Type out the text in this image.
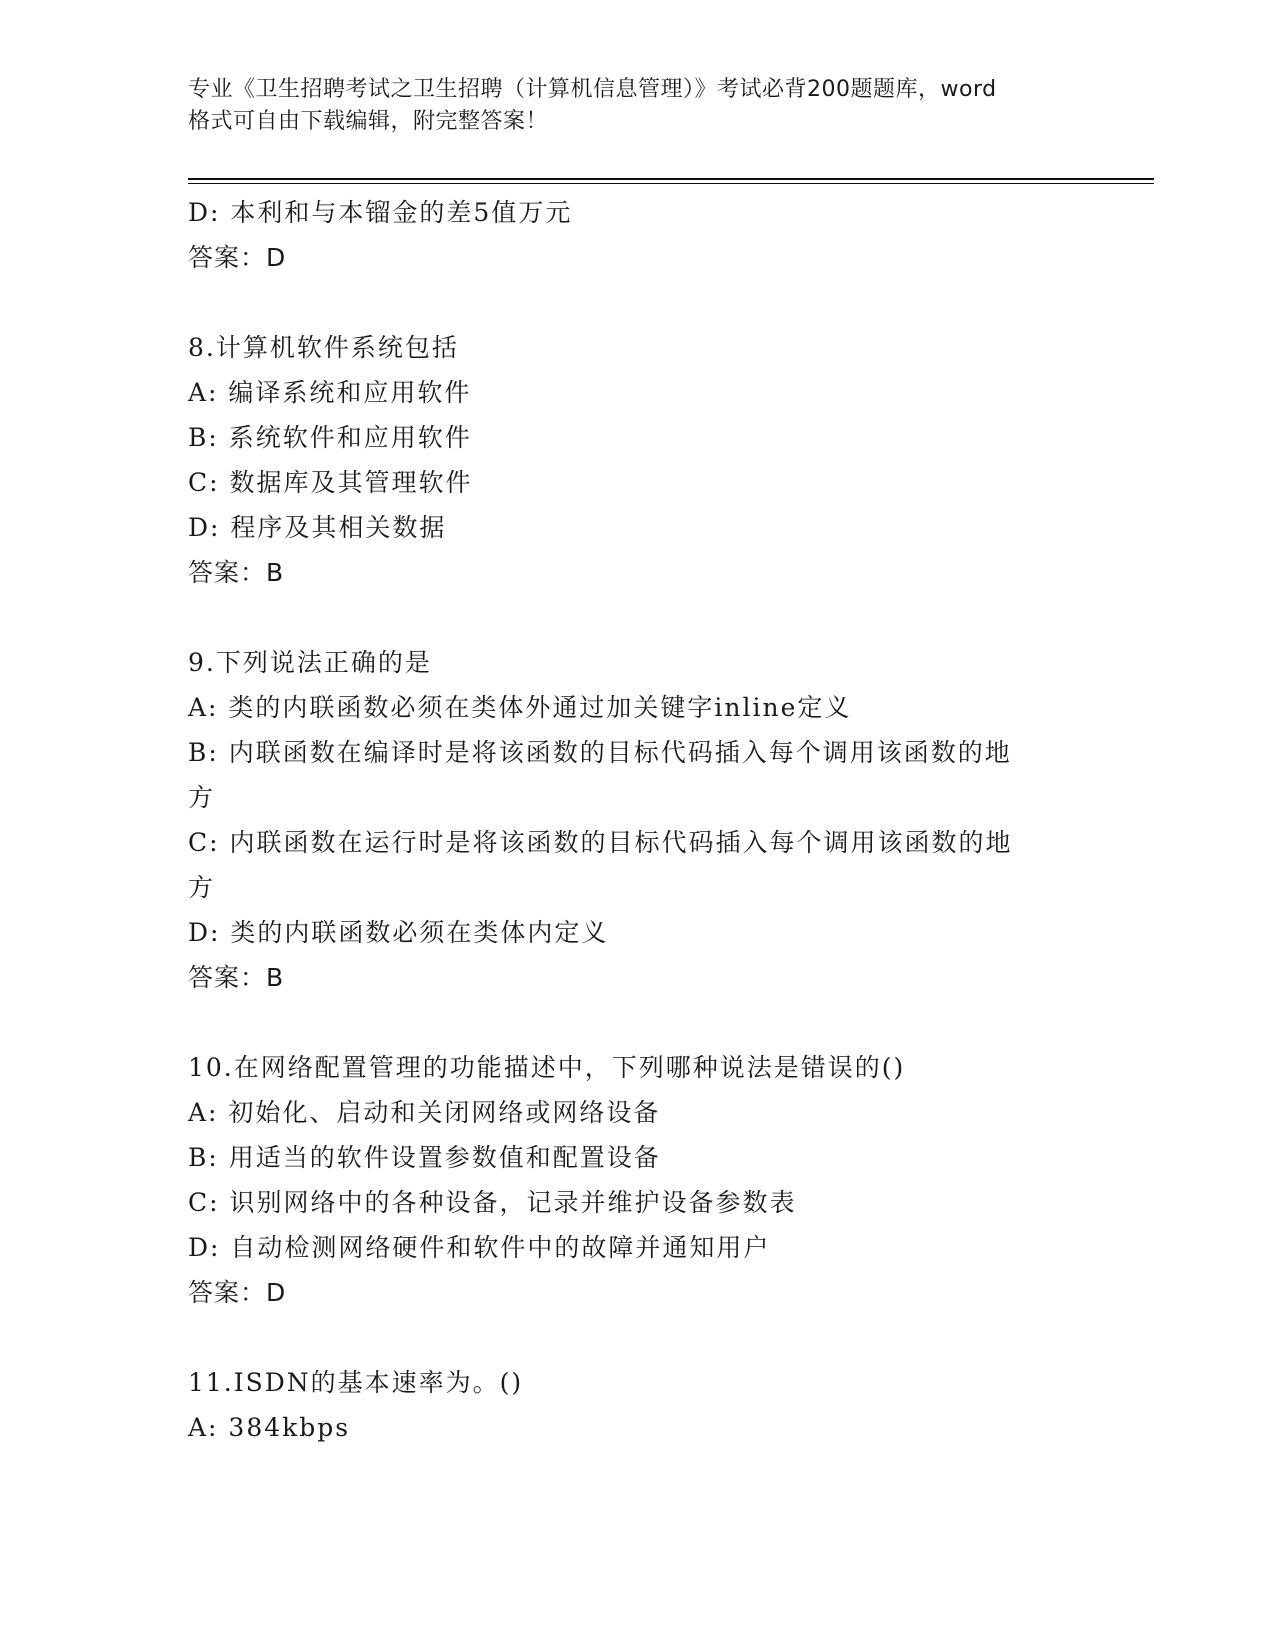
专业《卫生招聘考试之卫生招聘（计算机信息管理）》考试必背200题题库，word
格式可自由下载编辑，附完整答案！
D: 本利和与本镏金的差5值万元
答案：D
8.计算机软件系统包括
A: 编译系统和应用软件
B: 系统软件和应用软件
C: 数据库及其管理软件
D: 程序及其相关数据
答案：B
9.下列说法正确的是
A: 类的内联函数必须在类体外通过加关键字inline定义
B: 内联函数在编译时是将该函数的目标代码插入每个调用该函数的地
方
C: 内联函数在运行时是将该函数的目标代码插入每个调用该函数的地
方
D: 类的内联函数必须在类体内定义
答案：B
10.在网络配置管理的功能描述中，下列哪种说法是错误的()
A: 初始化、启动和关闭网络或网络设备
B: 用适当的软件设置参数值和配置设备
C: 识别网络中的各种设备，记录并维护设备参数表
D: 自动检测网络硬件和软件中的故障并通知用户
答案：D
11.ISDN的基本速率为。()
A: 384kbps
